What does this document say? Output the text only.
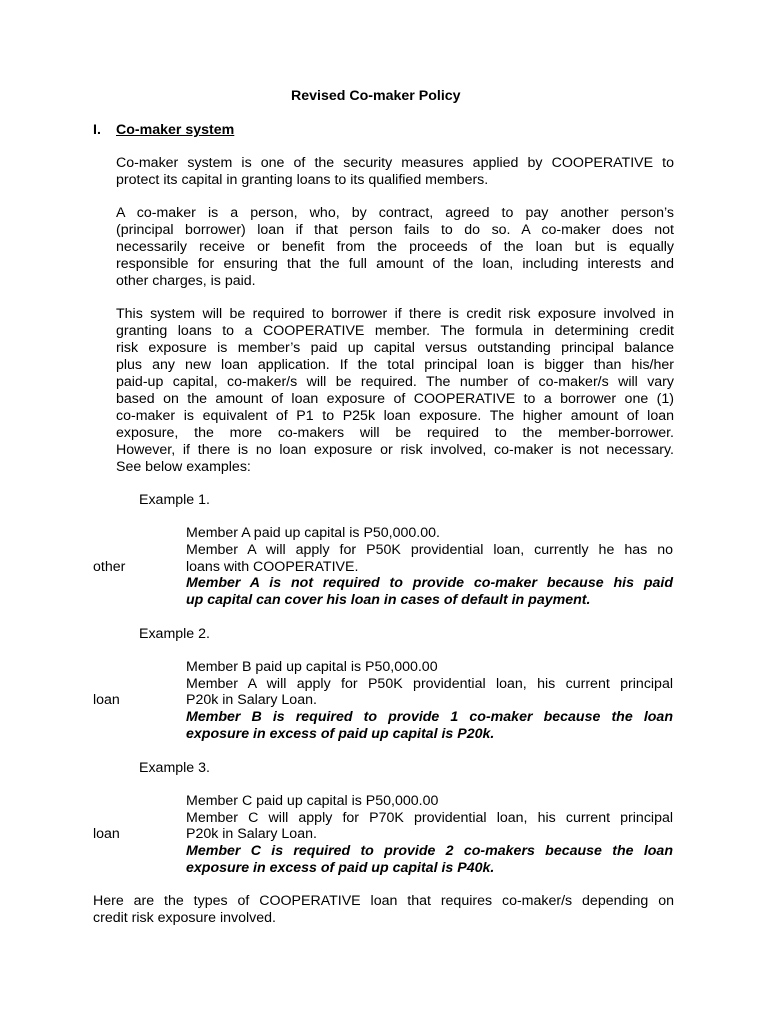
Revised Co-maker Policy
I. Co-maker system
Co-maker system is one of the security measures applied by COOPERATIVE to
protect its capital in granting loans to its qualified members.
A co-maker is a person, who, by contract, agreed to pay another person’s
(principal borrower) loan if that person fails to do so. A co-maker does not
necessarily receive or benefit from the proceeds of the loan but is equally
responsible for ensuring that the full amount of the loan, including interests and
other charges, is paid.
This system will be required to borrower if there is credit risk exposure involved in
granting loans to a COOPERATIVE member. The formula in determining credit
risk exposure is member’s paid up capital versus outstanding principal balance
plus any new loan application. If the total principal loan is bigger than his/her
paid-up capital, co-maker/s will be required. The number of co-maker/s will vary
based on the amount of loan exposure of COOPERATIVE to a borrower one (1)
co-maker is equivalent of P1 to P25k loan exposure. The higher amount of loan
exposure, the more co-makers will be required to the member-borrower.
However, if there is no loan exposure or risk involved, co-maker is not necessary.
See below examples:
Example 1.
Member A paid up capital is P50,000.00.
Member A will apply for P50K providential loan, currently he has no
loans with COOPERATIVE.
other
Member A is not required to provide co-maker because his paid
up capital can cover his loan in cases of default in payment.
Example 2.
Member B paid up capital is P50,000.00
Member A will apply for P50K providential loan, his current principal
P20k in Salary Loan.
loan
Member B is required to provide 1 co-maker because the loan
exposure in excess of paid up capital is P20k.
Example 3.
Member C paid up capital is P50,000.00
Member C will apply for P70K providential loan, his current principal
P20k in Salary Loan.
loan
Member C is required to provide 2 co-makers because the loan
exposure in excess of paid up capital is P40k.
Here are the types of COOPERATIVE loan that requires co-maker/s depending on
credit risk exposure involved.
